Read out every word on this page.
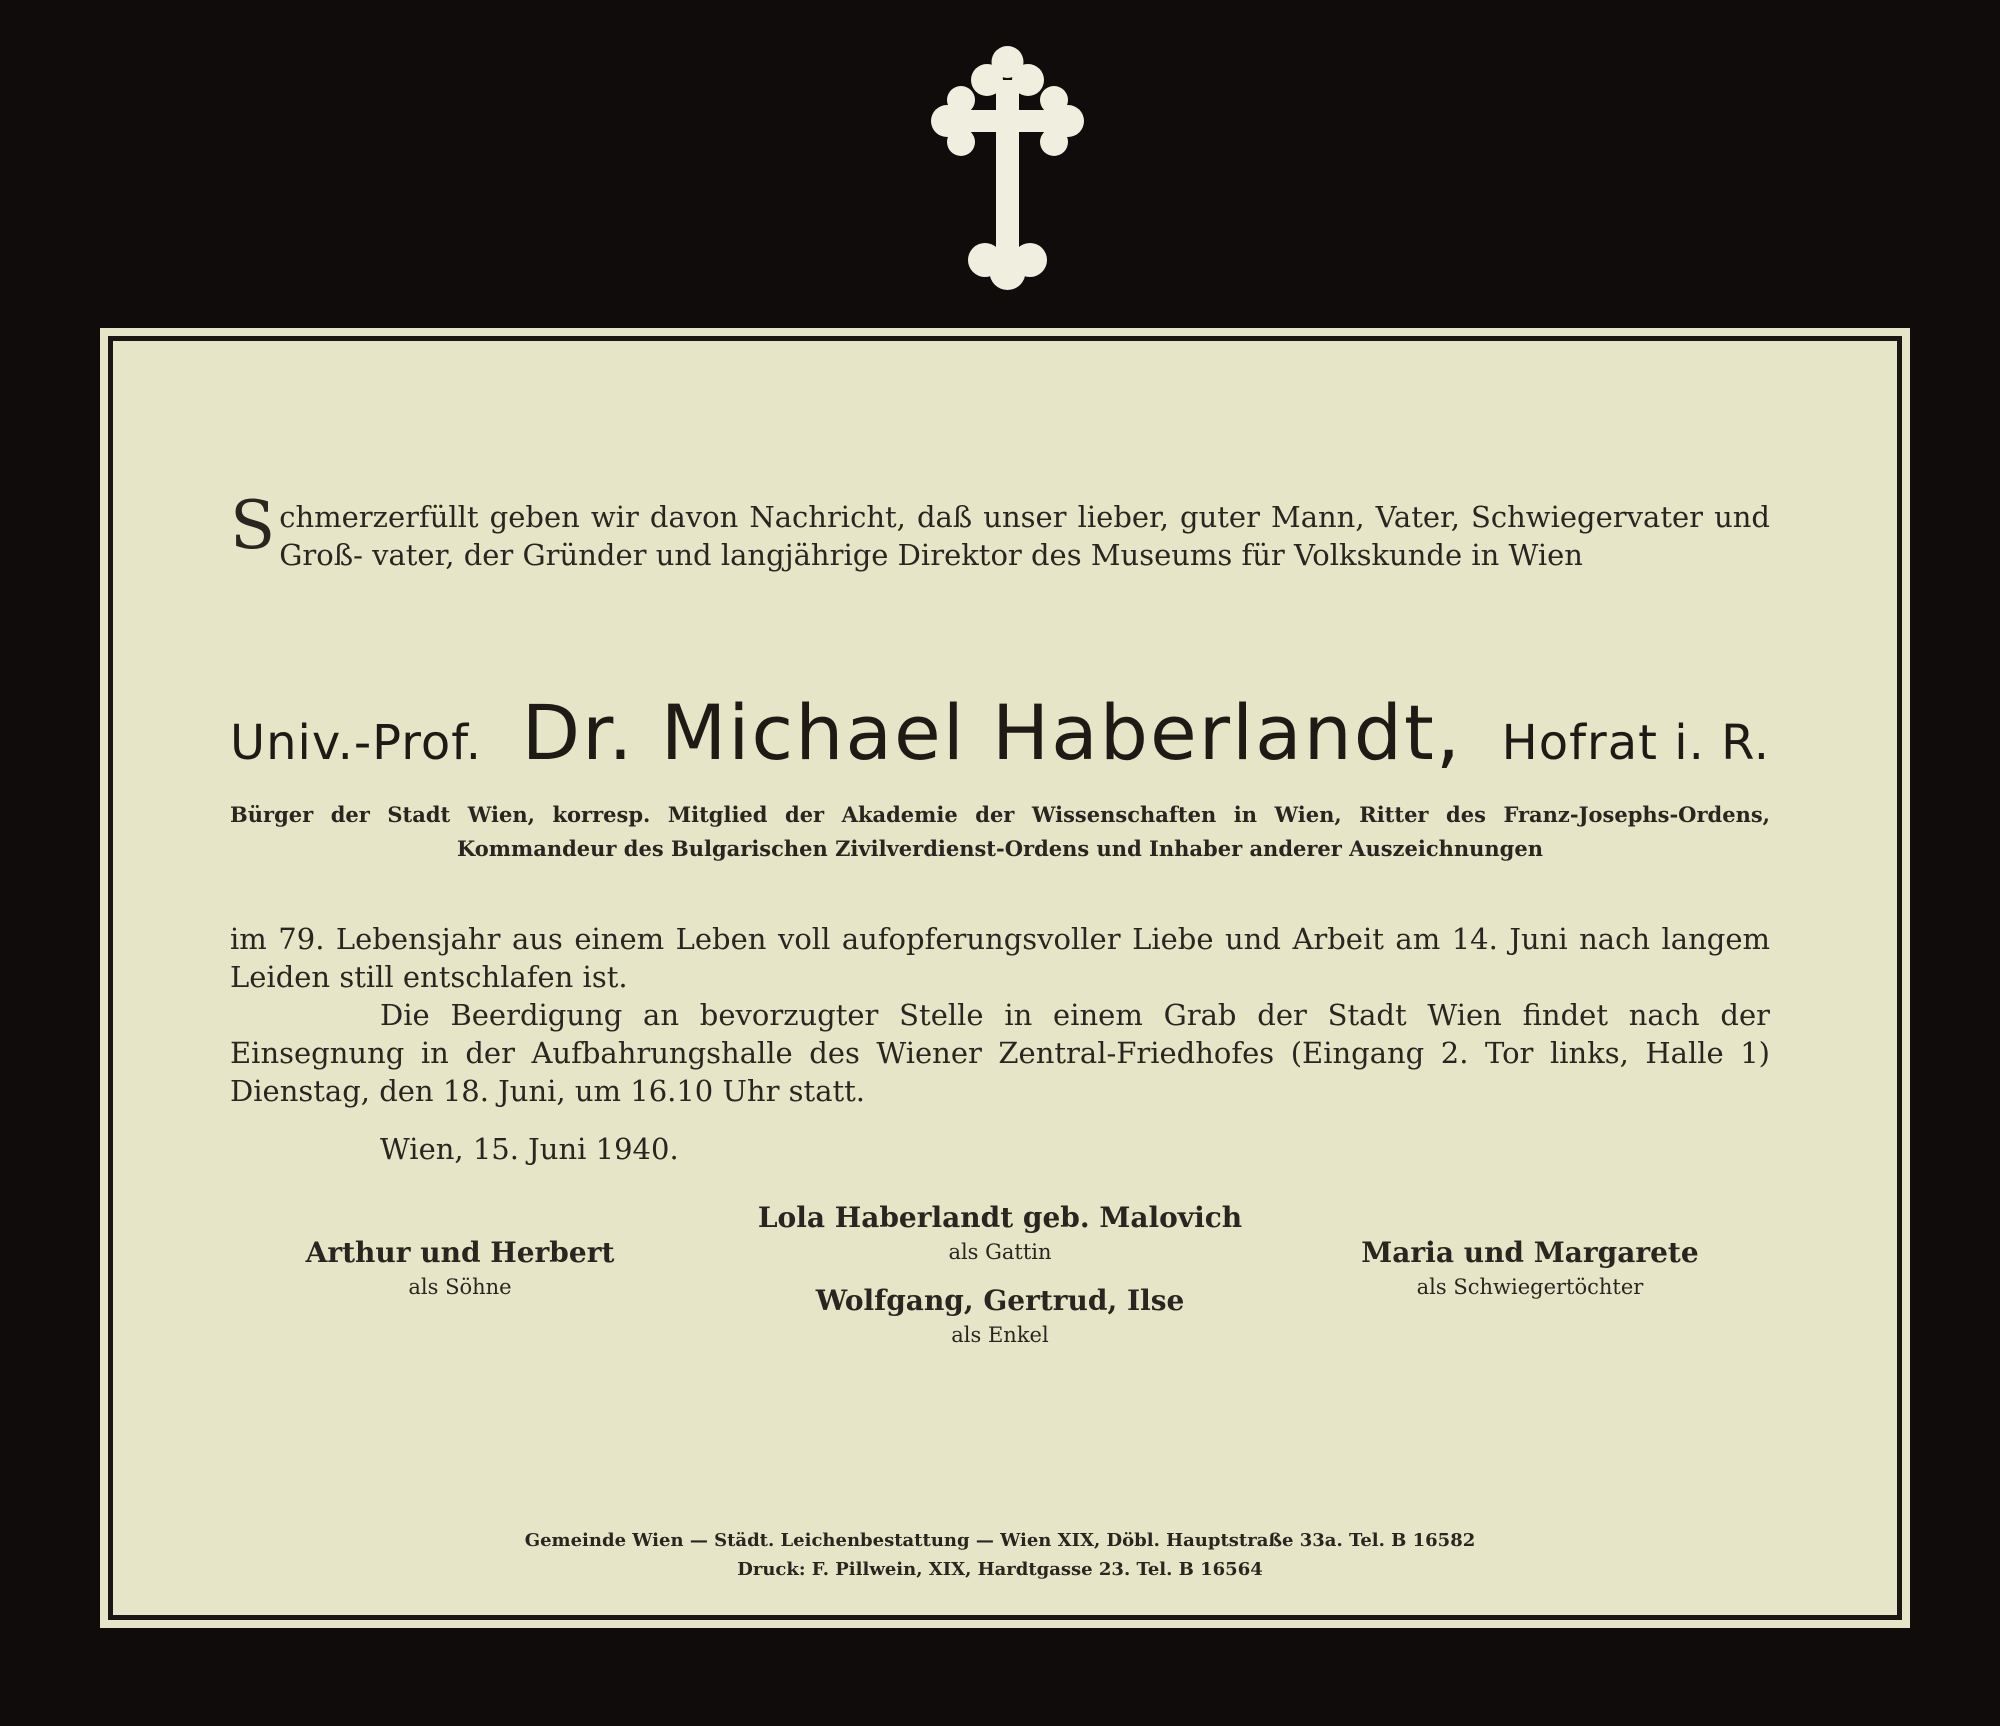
Schmerzerfüllt geben wir davon Nachricht, daß unser lieber, guter Mann, Vater, Schwiegervater und Groß- vater, der Gründer und langjährige Direktor des Museums für Volkskunde in Wien
Univ.-Prof. Dr. Michael Haberlandt, Hofrat i. R.
Bürger der Stadt Wien, korresp. Mitglied der Akademie der Wissenschaften in Wien, Ritter des Franz-Josephs-Ordens,
Kommandeur des Bulgarischen Zivilverdienst-Ordens und Inhaber anderer Auszeichnungen
im 79. Lebensjahr aus einem Leben voll aufopferungsvoller Liebe und Arbeit am 14. Juni nach langem Leiden still entschlafen ist.
Die Beerdigung an bevorzugter Stelle in einem Grab der Stadt Wien findet nach der Einsegnung in der Aufbahrungshalle des Wiener Zentral-Friedhofes (Eingang 2. Tor links, Halle 1) Dienstag, den 18. Juni, um 16.10 Uhr statt.
Wien, 15. Juni 1940.
Arthur und Herbert
als Söhne
Lola Haberlandt geb. Malovich
als Gattin
Wolfgang, Gertrud, Ilse
als Enkel
Maria und Margarete
als Schwiegertöchter
Gemeinde Wien — Städt. Leichenbestattung — Wien XIX, Döbl. Hauptstraße 33a. Tel. B 16582
Druck: F. Pillwein, XIX, Hardtgasse 23. Tel. B 16564
